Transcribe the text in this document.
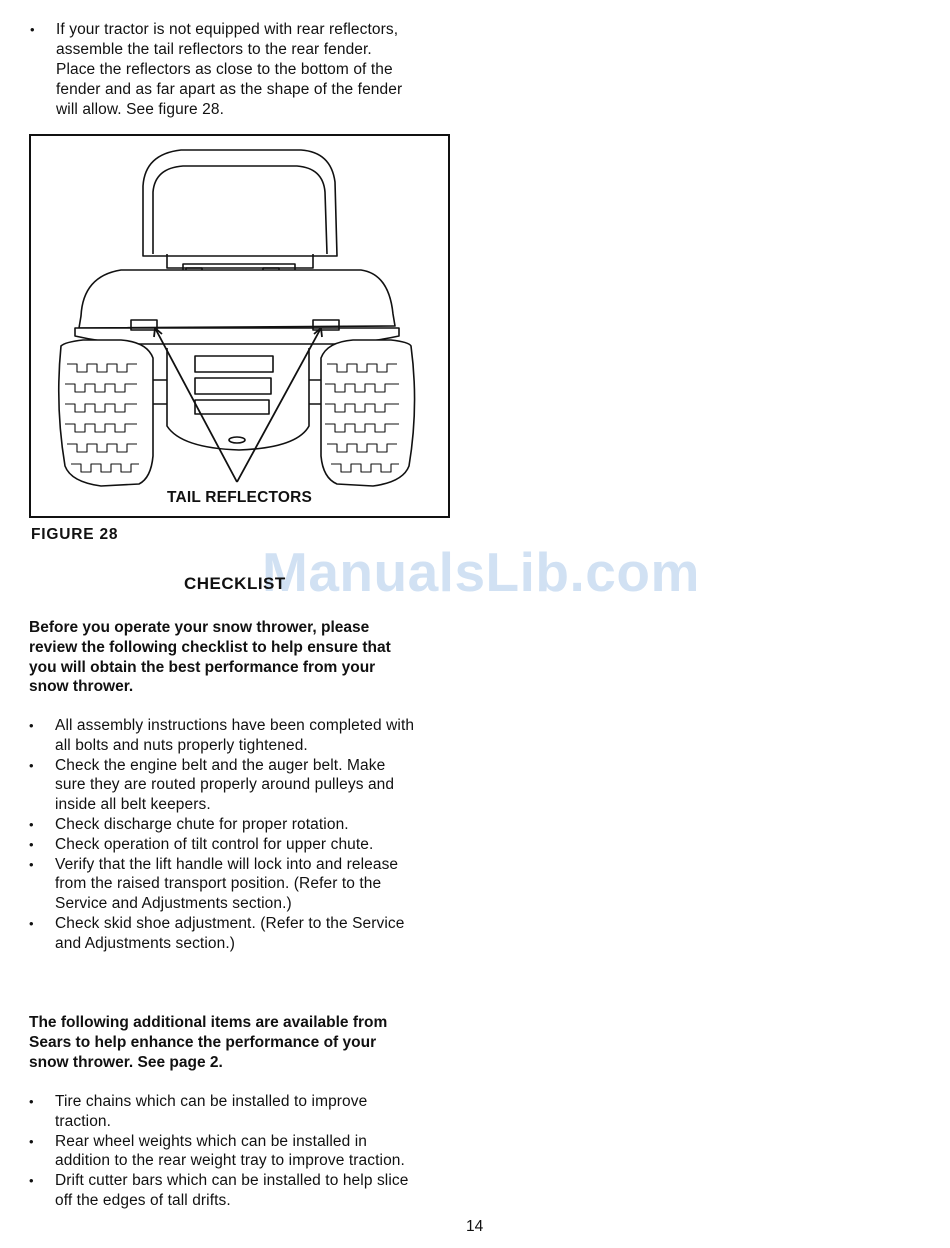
• If your tractor is not equipped with rear reflectors,
assemble the tail reflectors to the rear fender.
Place the reflectors as close to the bottom of the
fender and as far apart as the shape of the fender
will allow. See figure 28.
TAIL REFLECTORS
FIGURE 28
ManualsLib.com
CHECKLIST

Before you operate your snow thrower, please
review the following checklist to help ensure that
you will obtain the best performance from your
snow thrower.

• All assembly instructions have been completed with
all bolts and nuts properly tightened.
• Check the engine belt and the auger belt. Make
sure they are routed properly around pulleys and
inside all belt keepers.
• Check discharge chute for proper rotation.
• Check operation of tilt control for upper chute.
• Verify that the lift handle will lock into and release
from the raised transport position. (Refer to the
Service and Adjustments section.)
• Check skid shoe adjustment. (Refer to the Service
and Adjustments section.)

The following additional items are available from
Sears to help enhance the performance of your
snow thrower. See page 2.

• Tire chains which can be installed to improve
traction.
• Rear wheel weights which can be installed in
addition to the rear weight tray to improve traction.
• Drift cutter bars which can be installed to help slice
off the edges of tall drifts.
14
